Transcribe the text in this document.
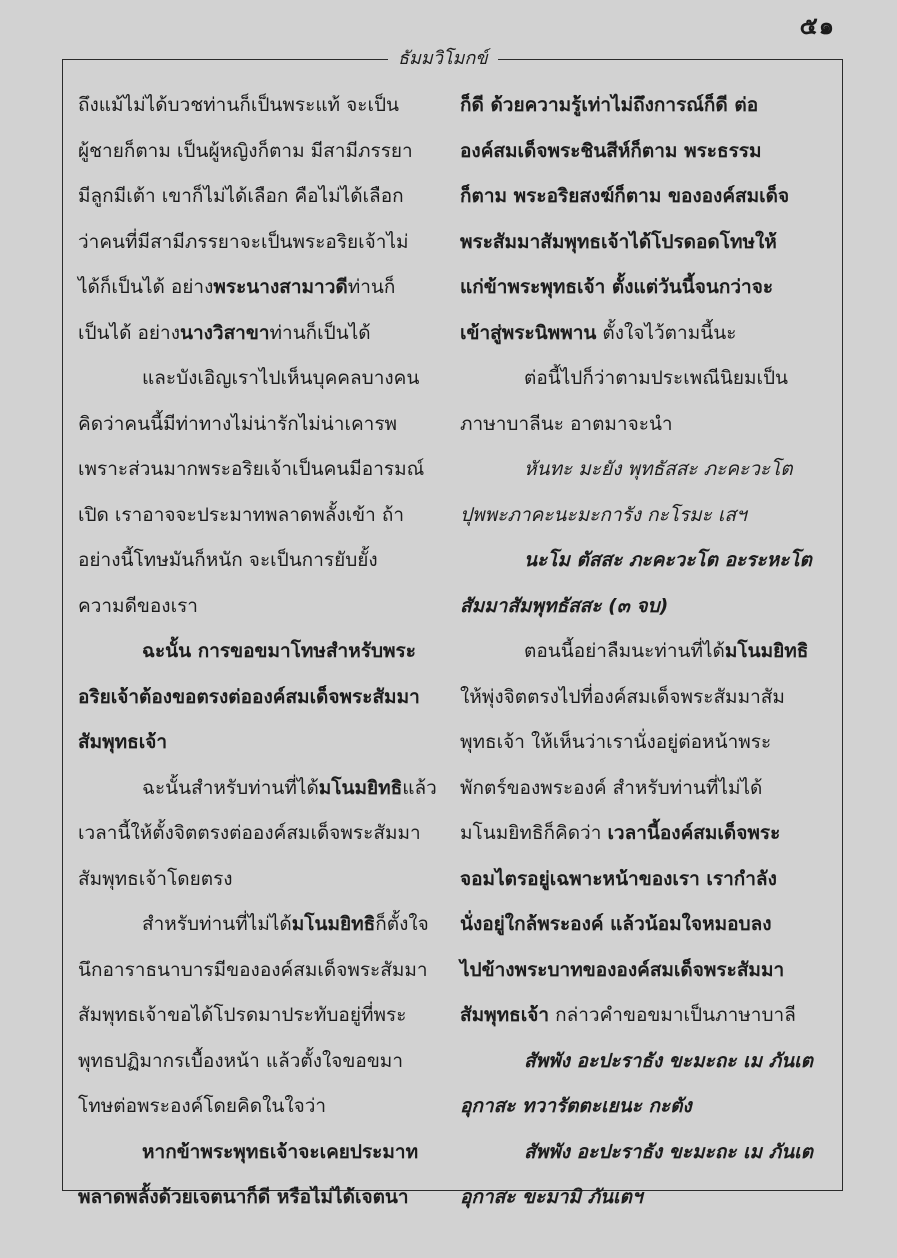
๕๑
ธัมมวิโมกข์
ถึงแม้ไม่ได้บวชท่านก็เป็นพระแท้ จะเป็น
ผู้ชายก็ตาม เป็นผู้หญิงก็ตาม มีสามีภรรยา
มีลูกมีเต้า เขาก็ไม่ได้เลือก คือไม่ได้เลือก
ว่าคนที่มีสามีภรรยาจะเป็นพระอริยเจ้าไม่
ได้ก็เป็นได้ อย่างพระนางสามาวดีท่านก็
เป็นได้ อย่างนางวิสาขาท่านก็เป็นได้
และบังเอิญเราไปเห็นบุคคลบางคน
คิดว่าคนนี้มีท่าทางไม่น่ารักไม่น่าเคารพ
เพราะส่วนมากพระอริยเจ้าเป็นคนมีอารมณ์
เปิด เราอาจจะประมาทพลาดพลั้งเข้า ถ้า
อย่างนี้โทษมันก็หนัก จะเป็นการยับยั้ง
ความดีของเรา
ฉะนั้น การขอขมาโทษสำหรับพระ
อริยเจ้าต้องขอตรงต่อองค์สมเด็จพระสัมมา
สัมพุทธเจ้า
ฉะนั้นสำหรับท่านที่ได้มโนมยิทธิแล้ว
เวลานี้ให้ตั้งจิตตรงต่อองค์สมเด็จพระสัมมา
สัมพุทธเจ้าโดยตรง
สำหรับท่านที่ไม่ได้มโนมยิทธิก็ตั้งใจ
นึกอาราธนาบารมีขององค์สมเด็จพระสัมมา
สัมพุทธเจ้าขอได้โปรดมาประทับอยู่ที่พระ
พุทธปฏิมากรเบื้องหน้า แล้วตั้งใจขอขมา
โทษต่อพระองค์โดยคิดในใจว่า
หากข้าพระพุทธเจ้าจะเคยประมาท
พลาดพลั้งด้วยเจตนาก็ดี หรือไม่ได้เจตนา
ก็ดี ด้วยความรู้เท่าไม่ถึงการณ์ก็ดี ต่อ
องค์สมเด็จพระชินสีห์ก็ตาม พระธรรม
ก็ตาม พระอริยสงฆ์ก็ตาม ขององค์สมเด็จ
พระสัมมาสัมพุทธเจ้าได้โปรดอดโทษให้
แก่ข้าพระพุทธเจ้า ตั้งแต่วันนี้จนกว่าจะ
เข้าสู่พระนิพพาน ตั้งใจไว้ตามนี้นะ
ต่อนี้ไปก็ว่าตามประเพณีนิยมเป็น
ภาษาบาลีนะ อาตมาจะนำ
หันทะ มะยัง พุทธัสสะ ภะคะวะโต
ปุพพะภาคะนะมะการัง กะโรมะ เสฯ
นะโม ตัสสะ ภะคะวะโต อะระหะโต
สัมมาสัมพุทธัสสะ (๓ จบ)
ตอนนี้อย่าลืมนะท่านที่ได้มโนมยิทธิ
ให้พุ่งจิตตรงไปที่องค์สมเด็จพระสัมมาสัม
พุทธเจ้า ให้เห็นว่าเรานั่งอยู่ต่อหน้าพระ
พักตร์ของพระองค์ สำหรับท่านที่ไม่ได้
มโนมยิทธิก็คิดว่า เวลานี้องค์สมเด็จพระ
จอมไตรอยู่เฉพาะหน้าของเรา เรากำลัง
นั่งอยู่ใกล้พระองค์ แล้วน้อมใจหมอบลง
ไปข้างพระบาทขององค์สมเด็จพระสัมมา
สัมพุทธเจ้า กล่าวคำขอขมาเป็นภาษาบาลี
สัพพัง อะปะราธัง ขะมะถะ เม ภันเต
อุกาสะ ทวารัตตะเยนะ กะตัง
สัพพัง อะปะราธัง ขะมะถะ เม ภันเต
อุกาสะ ขะมามิ ภันเตฯ
